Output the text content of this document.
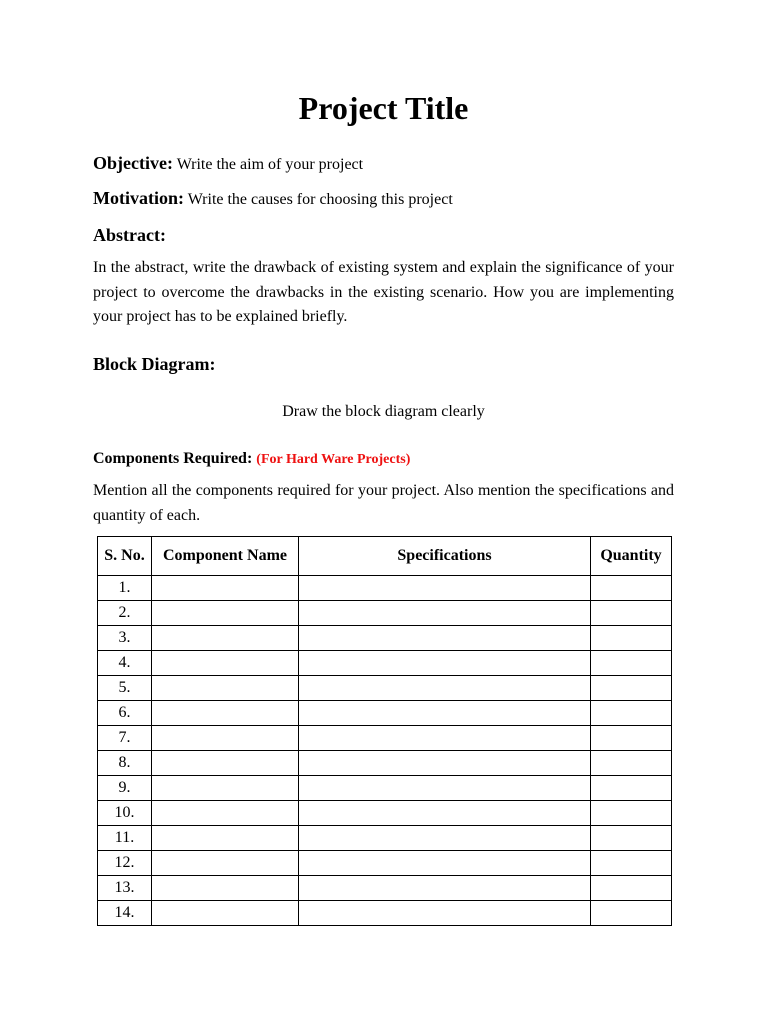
Project Title
Objective: Write the aim of your project
Motivation: Write the causes for choosing this project
Abstract:
In the abstract, write the drawback of existing system and explain the significance of your project to overcome the drawbacks in the existing scenario. How you are implementing your project has to be explained briefly.
Block Diagram:
Draw the block diagram clearly
Components Required: (For Hard Ware Projects)
Mention all the components required for your project. Also mention the specifications and quantity of each.
S. No.	Component Name	Specifications	Quantity
1.			
2.			
3.			
4.			
5.			
6.			
7.			
8.			
9.			
10.			
11.			
12.			
13.			
14.			
